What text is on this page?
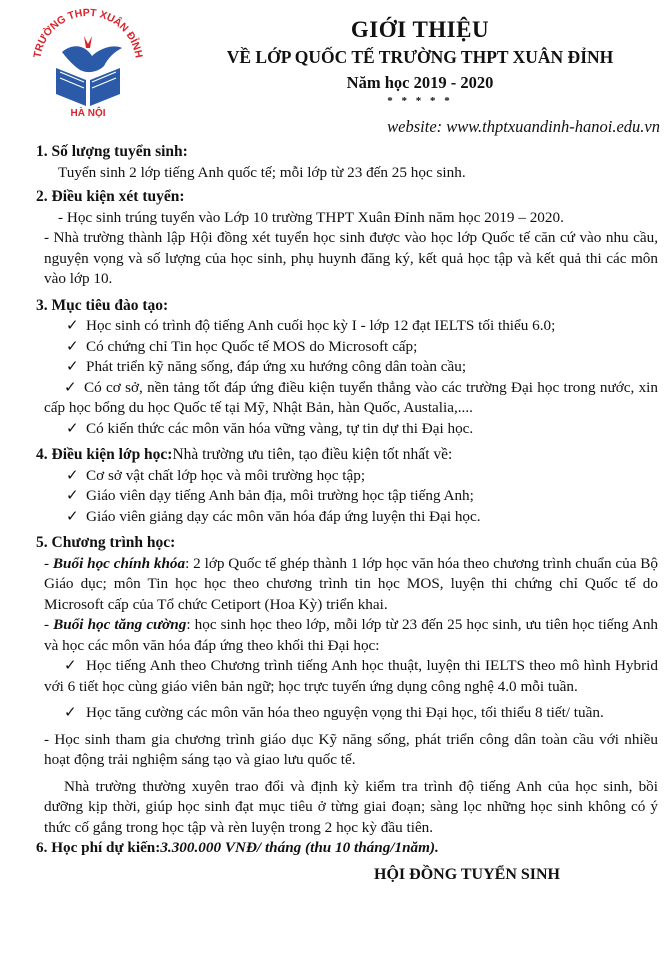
TRƯỜNG THPT XUÂN ĐỈNH
HÀ NỘI
GIỚI THIỆU
VỀ LỚP QUỐC TẾ TRƯỜNG THPT XUÂN ĐỈNH
Năm học 2019 - 2020
* * * * *
website: www.thptxuandinh-hanoi.edu.vn
1. Số lượng tuyển sinh:
Tuyển sinh 2 lớp tiếng Anh quốc tế; mỗi lớp từ 23 đến 25 học sinh.
2. Điều kiện xét tuyển:
- Học sinh trúng tuyển vào Lớp 10 trường THPT Xuân Đỉnh năm học 2019 – 2020.
- Nhà trường thành lập Hội đồng xét tuyển học sinh được vào học lớp Quốc tế căn cứ vào nhu cầu, nguyện vọng và số lượng của học sinh, phụ huynh đăng ký, kết quả học tập và kết quả thi các môn vào lớp 10.
3. Mục tiêu đào tạo:
✓ Học sinh có trình độ tiếng Anh cuối học kỳ I - lớp 12 đạt IELTS tối thiểu 6.0;
✓ Có chứng chỉ Tin học Quốc tế MOS do Microsoft cấp;
✓ Phát triển kỹ năng sống, đáp ứng xu hướng công dân toàn cầu;
✓ Có cơ sở, nền tảng tốt đáp ứng điều kiện tuyển thẳng vào các trường Đại học trong nước, xin cấp học bổng du học Quốc tế tại Mỹ, Nhật Bản, hàn Quốc, Austalia,....
✓ Có kiến thức các môn văn hóa vững vàng, tự tin dự thi Đại học.
4. Điều kiện lớp học:Nhà trường ưu tiên, tạo điều kiện tốt nhất về:
✓ Cơ sở vật chất lớp học và môi trường học tập;
✓ Giáo viên dạy tiếng Anh bản địa, môi trường học tập tiếng Anh;
✓ Giáo viên giảng dạy các môn văn hóa đáp ứng luyện thi Đại học.
5. Chương trình học:
- Buổi học chính khóa: 2 lớp Quốc tế ghép thành 1 lớp học văn hóa theo chương trình chuẩn của Bộ Giáo dục; môn Tin học học theo chương trình tin học MOS, luyện thi chứng chỉ Quốc tế do Microsoft cấp của Tổ chức Cetiport (Hoa Kỳ) triển khai.
- Buổi học tăng cường: học sinh học theo lớp, mỗi lớp từ 23 đến 25 học sinh, ưu tiên học tiếng Anh và học các môn văn hóa đáp ứng theo khối thi Đại học:
✓ Học tiếng Anh theo Chương trình tiếng Anh học thuật, luyện thi IELTS theo mô hình Hybrid với 6 tiết học cùng giáo viên bản ngữ; học trực tuyến ứng dụng công nghệ 4.0 mỗi tuần.
✓ Học tăng cường các môn văn hóa theo nguyện vọng thi Đại học, tối thiểu 8 tiết/ tuần.
- Học sinh tham gia chương trình giáo dục Kỹ năng sống, phát triển công dân toàn cầu với nhiều hoạt động trải nghiệm sáng tạo và giao lưu quốc tế.
Nhà trường thường xuyên trao đổi và định kỳ kiểm tra trình độ tiếng Anh của học sinh, bồi dưỡng kịp thời, giúp học sinh đạt mục tiêu ở từng giai đoạn; sàng lọc những học sinh không có ý thức cố gắng trong học tập và rèn luyện trong 2 học kỳ đầu tiên.
6. Học phí dự kiến:3.300.000 VNĐ/ tháng (thu 10 tháng/1năm).
HỘI ĐỒNG TUYỂN SINH
